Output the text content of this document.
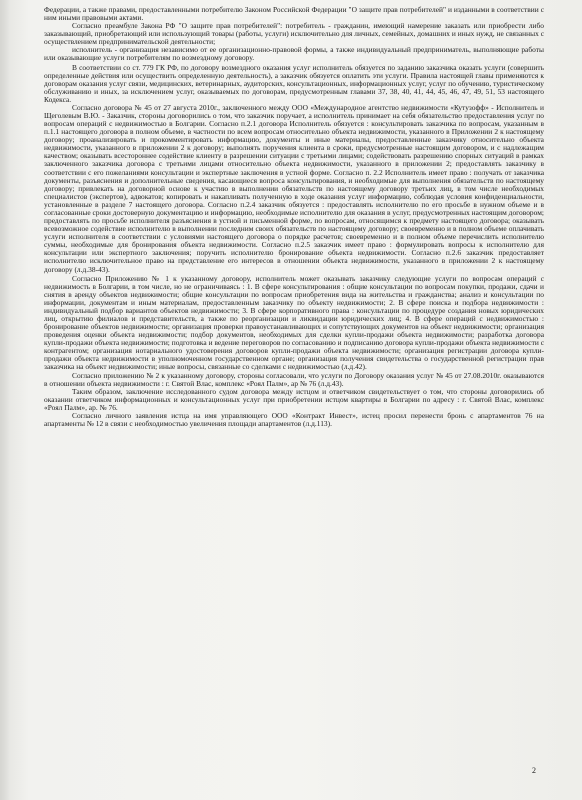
Федерации, а также правами, предоставленными потребителю Законом Российской Федерации "О защите прав потребителей" и изданными в соответствии с ним иными правовыми актами.

Согласно преамбуле Закона РФ "О защите прав потребителей": потребитель - гражданин, имеющий намерение заказать или приобрести либо заказывающий, приобретающий или использующий товары (работы, услуги) исключительно для личных, семейных, домашних и иных нужд, не связанных с осуществлением предпринимательской деятельности;

исполнитель - организация независимо от ее организационно-правовой формы, а также индивидуальный предприниматель, выполняющие работы или оказывающие услуги потребителям по возмездному договору.

В соответствии со ст. 779 ГК РФ, по договору возмездного оказания услуг исполнитель обязуется по заданию заказчика оказать услуги (совершить определенные действия или осуществить определенную деятельность), а заказчик обязуется оплатить эти услуги. Правила настоящей главы применяются к договорам оказания услуг связи, медицинских, ветеринарных, аудиторских, консультационных, информационных услуг, услуг по обучению, туристическому обслуживанию и иных, за исключением услуг, оказываемых по договорам, предусмотренным главами 37, 38, 40, 41, 44, 45, 46, 47, 49, 51, 53 настоящего Кодекса.

Согласно договора № 45 от 27 августа 2010г., заключенного между ООО «Международное агентство недвижимости «Кутузофф» - Исполнитель и Щеголевым В.Ю. - Заказчик, стороны договорились о том, что заказчик поручает, а исполнитель принимает на себя обязательство предоставления услуг по вопросам операций с недвижимостью в Болгарии. Согласно п.2.1 договора Исполнитель обязуется : консультировать заказчика по вопросам, указанным в п.1.1 настоящего договора в полном объеме, в частности по всем вопросам относительно объекта недвижимости, указанного в Приложении 2 к настоящему договору; проанализировать и прокомментировать информацию, документы и иные материалы, предоставленные заказчику относительно объекта недвижимости, указанного в приложении 2 к договору; выполнять поручения клиента в сроки, предусмотренные настоящим договором, и с надлежащим качеством; оказывать всестороннее содействие клиенту в разрешении ситуации с третьими лицами; содействовать разрешению спорных ситуаций в рамках заключенного заказчика договора с третьими лицами относительно объекта недвижимости, указанного в приложении 2; предоставлять заказчику в соответствии с его пожеланиями консультации и экспертные заключения в устной форме. Согласно п. 2.2 Исполнитель имеет право : получать от заказчика документы, разъяснения и дополнительные сведения, касающиеся вопроса консультирования, и необходимые для выполнения обязательств по настоящему договору; привлекать на договорной основе к участию в выполнении обязательств по настоящему договору третьих лиц, в том числе необходимых специалистов (экспертов), адвокатов; копировать и накапливать полученную в ходе оказания услуг информацию, соблюдая условия конфиденциальности, установленные в разделе 7 настоящего договора. Согласно п.2.4 заказчик обязуется : предоставлять исполнителю по его просьбе в нужном объеме и в согласованные сроки достоверную документацию и информацию, необходимые исполнителю для оказания в услуг, предусмотренных настоящим договором; предоставлять по просьбе исполнителя разъяснения в устной и письменной форме, по вопросам, относящимся к предмету настоящего договора; оказывать всевозможное содействие исполнителю в выполнении последним своих обязательств по настоящему договору; своевременно и в полном объеме оплачивать услуги исполнителя в соответствии с условиями настоящего договора о порядке расчетов; своевременно и в полном объеме перечислить исполнителю суммы, необходимые для бронирования объекта недвижимости. Согласно п.2.5 заказчик имеет право : формулировать вопросы к исполнителю для консультации или экспертного заключения; поручить исполнителю бронирование объекта недвижимости. Согласно п.2.6 заказчик предоставляет исполнителю исключительное право на представление его интересов в отношении объекта недвижимости, указанного в приложении 2 к настоящему договору (л.д.38-43).

Согласно Приложению № 1 к указанному договору, исполнитель может оказывать заказчику следующие услуги по вопросам операций с недвижимость в Болгарии, в том числе, но не ограничиваясь : 1. В сфере консультирования : общие консультации по вопросам покупки, продажи, сдачи и снятия в аренду объектов недвижимости; общие консультации по вопросам приобретения вида на жительства и гражданства; анализ и консультации по информации, документам и иным материалам, предоставленным заказчику по объекту недвижимости; 2. В сфере поиска и подбора недвижимости : индивидуальный подбор вариантов объектов недвижимости; 3. В сфере корпоративного права : консультации по процедуре создания новых юридических лиц, открытию филиалов и представительств, а также по реорганизации и ликвидации юридических лиц; 4. В сфере операций с недвижимостью : бронирование объектов недвижимости; организация проверки правоустанавливающих и сопутствующих документов на объект недвижимости; организация проведения оценки объекта недвижимости; подбор документов, необходимых для сделки купли-продажи объекта недвижимости; разработка договора купли-продажи объекта недвижимости; подготовка и ведение переговоров по согласованию и подписанию договора купли-продажи объекта недвижимости с контрагентом; организация нотариального удостоверения договоров купли-продажи объекта недвижимости; организация регистрации договора купли-продажи объекта недвижимости в уполномоченном государственном органе; организация получения свидетельства о государственной регистрации прав заказчика на объект недвижимости; иные вопросы, связанные со сделками с недвижимостью (л.д.42).

Согласно приложению № 2 к указанному договору, стороны согласовали, что услуги по Договору оказания услуг № 45 от 27.08.2010г. оказываются в отношении объекта недвижимости : г. Святой Влас, комплекс «Роял Палм», ар № 76 (л.д.43).

Таким образом, заключение исследованного судом договора между истцом и ответчиком свидетельствует о том, что стороны договорились об оказании ответчиком информационных и консультационных услуг при приобретении истцом квартиры в Болгарии по адресу : г. Святой Влас, комплекс «Роял Палм», ар. № 76.

Согласно личного заявления истца на имя управляющего ООО «Контракт Инвест», истец просил перенести бронь с апартаментов 76 на апартаменты № 12 в связи с необходимостью увеличения площади апартаментов (л.д.113).

2
